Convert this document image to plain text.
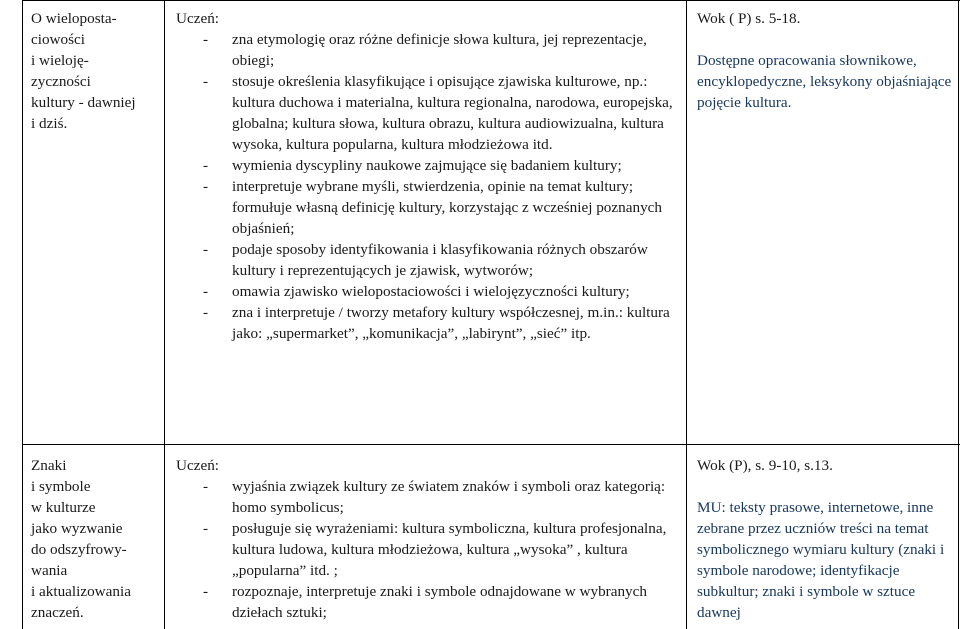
O wielopostа-
ciowości
i wieloję-
zyczności
kultury - dawniej
i dziś.
Uczeń:
- zna etymologię oraz różne definicje słowa kultura, jej reprezentacje, obiegi;
- stosuje określenia klasyfikujące i opisujące zjawiska kulturowe, np.: kultura duchowa i materialna, kultura regionalna, narodowa, europejska, globalna; kultura słowa, kultura obrazu, kultura audiowizualna, kultura wysoka, kultura popularna, kultura młodzieżowa itd.
- wymienia dyscypliny naukowe zajmujące się badaniem kultury;
- interpretuje wybrane myśli, stwierdzenia, opinie na temat kultury; formułuje własną definicję kultury, korzystając z wcześniej poznanych objaśnień;
- podaje sposoby identyfikowania i klasyfikowania różnych obszarów kultury i reprezentujących je zjawisk, wytworów;
- omawia zjawisko wielopostaciowości i wielojęzyczności kultury;
- zna i interpretuje / tworzy metafory kultury współczesnej, m.in.: kultura jako: „supermarket”, „komunikacja”, „labirynt”, „sieć” itp.
Wok ( P) s. 5-18.
Dostępne opracowania słownikowe, encyklopedyczne, leksykony objaśniające pojęcie kultura.
Znaki
i symbole
w kulturze
jako wyzwanie
do odszyfrowy-
wania
i aktualizowania
znaczeń.
Uczeń:
- wyjaśnia związek kultury ze światem znaków i symboli oraz kategorią: homo symbolicus;
- posługuje się wyrażeniami: kultura symboliczna, kultura profesjonalna, kultura ludowa, kultura młodzieżowa, kultura „wysoka” , kultura „popularna” itd. ;
- rozpoznaje, interpretuje znaki i symbole odnajdowane w wybranych dziełach sztuki;
Wok (P), s. 9-10, s.13.
MU: teksty prasowe, internetowe, inne zebrane przez uczniów treści na temat symbolicznego wymiaru kultury (znaki i symbole narodowe; identyfikacje subkultur; znaki i symbole w sztuce dawnej
